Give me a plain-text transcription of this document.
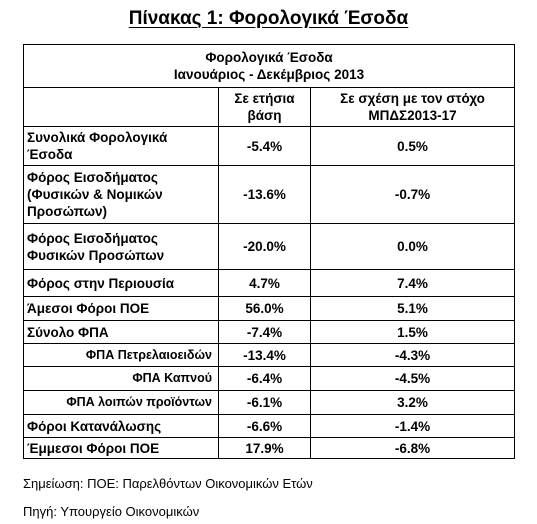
Πίνακας 1: Φορολογικά Έσοδα
Φορολογικά Έσοδα
Ιανουάριος - Δεκέμβριος 2013		

	Σε ετήσια βάση	Σε σχέση με τον στόχο ΜΠΔΣ2013-17
Συνολικά Φορολογικά Έσοδα	-5.4%	0.5%
Φόρος Εισοδήματος (Φυσικών & Νομικών Προσώπων)	-13.6%	-0.7%
Φόρος Εισοδήματος Φυσικών Προσώπων	-20.0%	0.0%
Φόρος στην Περιουσία	4.7%	7.4%
Άμεσοι Φόροι ΠΟΕ	56.0%	5.1%
Σύνολο ΦΠΑ	-7.4%	1.5%
ΦΠΑ Πετρελαιοειδών	-13.4%	-4.3%
ΦΠΑ Καπνού	-6.4%	-4.5%
ΦΠΑ λοιπών προϊόντων	-6.1%	3.2%
Φόροι Κατανάλωσης	-6.6%	-1.4%
Έμμεσοι Φόροι ΠΟΕ	17.9%	-6.8%
Σημείωση: ΠΟΕ: Παρελθόντων Οικονομικών Ετών
Πηγή: Υπουργείο Οικονομικών
